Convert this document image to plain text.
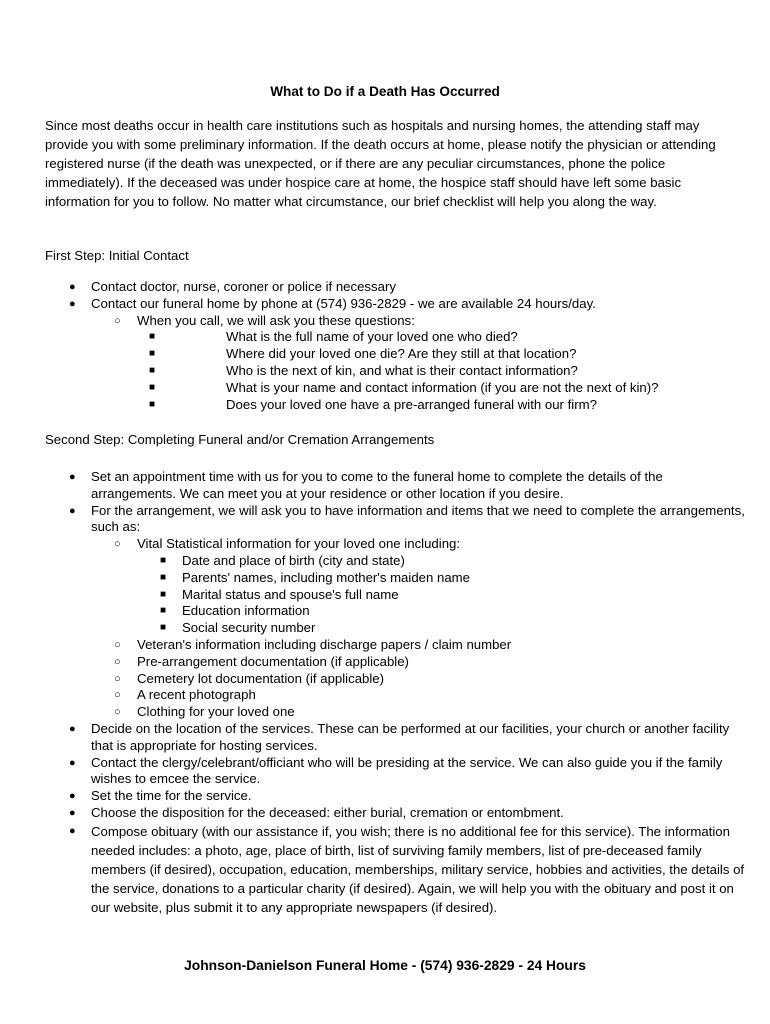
What to Do if a Death Has Occurred

Since most deaths occur in health care institutions such as hospitals and nursing homes, the attending staff may provide you with some preliminary information. If the death occurs at home, please notify the physician or attending registered nurse (if the death was unexpected, or if there are any peculiar circumstances, phone the police immediately). If the deceased was under hospice care at home, the hospice staff should have left some basic information for you to follow. No matter what circumstance, our brief checklist will help you along the way.

First Step: Initial Contact

● Contact doctor, nurse, coroner or police if necessary
● Contact our funeral home by phone at (574) 936-2829 - we are available 24 hours/day.
○ When you call, we will ask you these questions:
■	What is the full name of your loved one who died?
■	Where did your loved one die? Are they still at that location?
■	Who is the next of kin, and what is their contact information?
■	What is your name and contact information (if you are not the next of kin)?
■	Does your loved one have a pre-arranged funeral with our firm?

Second Step: Completing Funeral and/or Cremation Arrangements

● Set an appointment time with us for you to come to the funeral home to complete the details of the arrangements. We can meet you at your residence or other location if you desire.
● For the arrangement, we will ask you to have information and items that we need to complete the arrangements, such as:
○ Vital Statistical information for your loved one including:
■ Date and place of birth (city and state)
■ Parents' names, including mother's maiden name
■ Marital status and spouse's full name
■ Education information
■ Social security number
○ Veteran's information including discharge papers / claim number
○ Pre-arrangement documentation (if applicable)
○ Cemetery lot documentation (if applicable)
○ A recent photograph
○ Clothing for your loved one
● Decide on the location of the services. These can be performed at our facilities, your church or another facility that is appropriate for hosting services.
● Contact the clergy/celebrant/officiant who will be presiding at the service. We can also guide you if the family wishes to emcee the service.
● Set the time for the service.
● Choose the disposition for the deceased: either burial, cremation or entombment.
● Compose obituary (with our assistance if, you wish; there is no additional fee for this service). The information needed includes: a photo, age, place of birth, list of surviving family members, list of pre-deceased family members (if desired), occupation, education, memberships, military service, hobbies and activities, the details of the service, donations to a particular charity (if desired). Again, we will help you with the obituary and post it on our website, plus submit it to any appropriate newspapers (if desired).
Johnson-Danielson Funeral Home - (574) 936-2829 - 24 Hours
